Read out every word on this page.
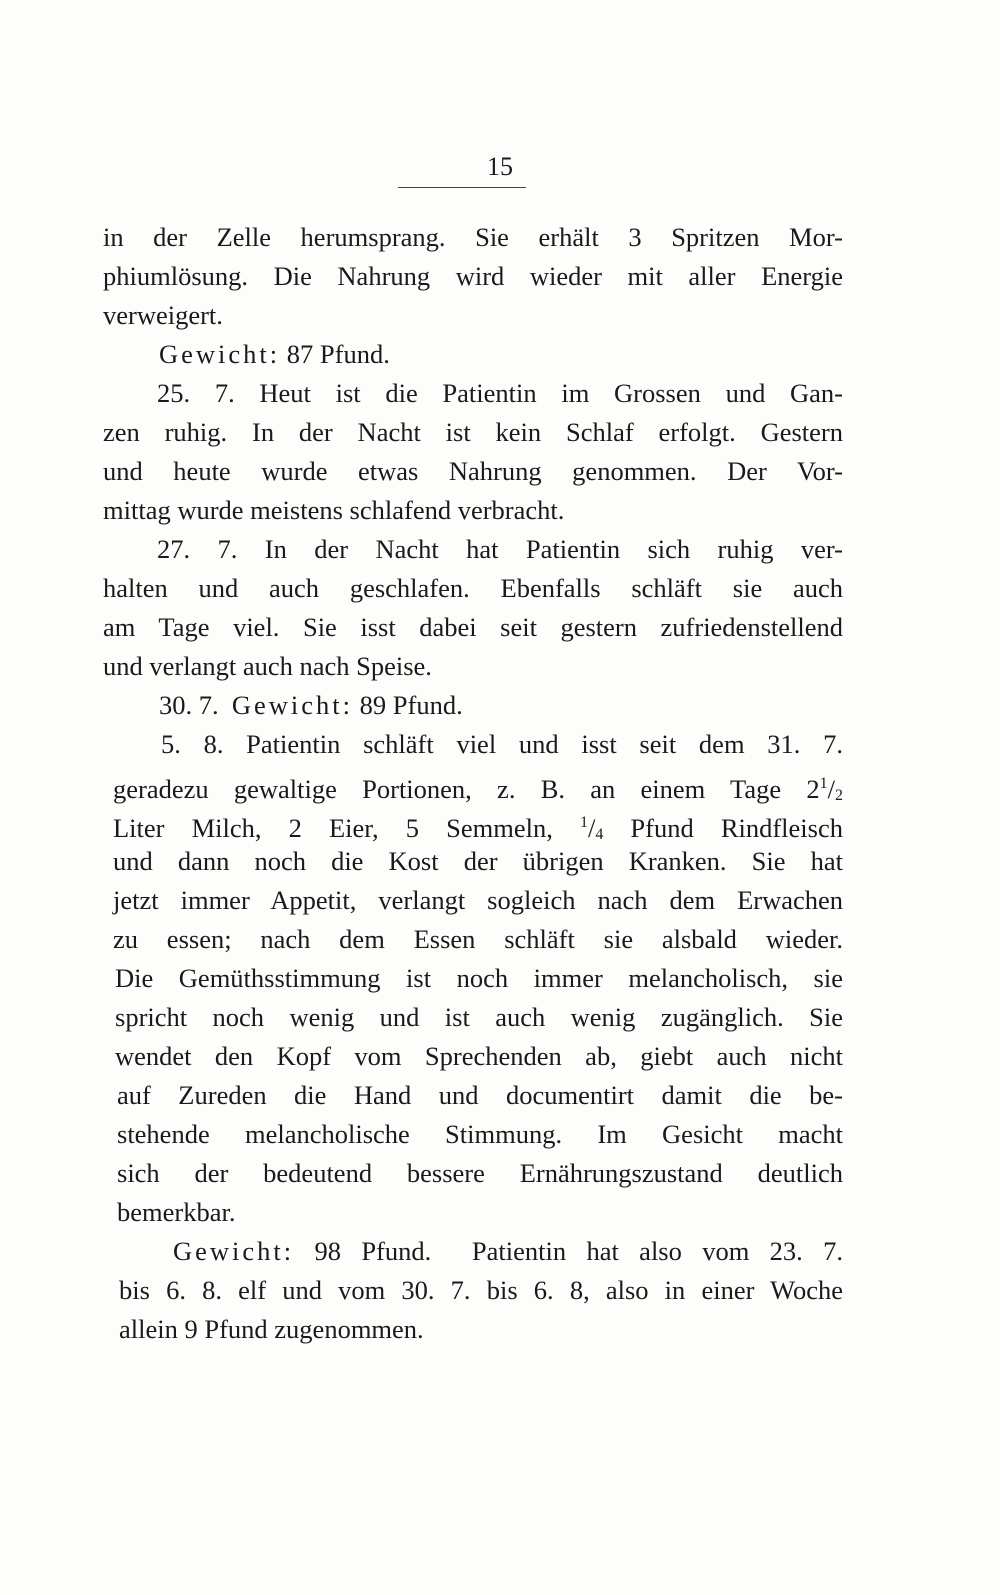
15
in der Zelle herumsprang. Sie erhält 3 Spritzen Mor-
phiumlösung. Die Nahrung wird wieder mit aller Energie
verweigert.
Gewicht: 87 Pfund.
25. 7. Heut ist die Patientin im Grossen und Gan-
zen ruhig. In der Nacht ist kein Schlaf erfolgt. Gestern
und heute wurde etwas Nahrung genommen. Der Vor-
mittag wurde meistens schlafend verbracht.
27. 7. In der Nacht hat Patientin sich ruhig ver-
halten und auch geschlafen. Ebenfalls schläft sie auch
am Tage viel. Sie isst dabei seit gestern zufriedenstellend
und verlangt auch nach Speise.
30. 7.  Gewicht: 89 Pfund.
5. 8. Patientin schläft viel und isst seit dem 31. 7.
geradezu gewaltige Portionen, z. B. an einem Tage $2^1/_2$
Liter Milch, 2 Eier, 5 Semmeln, $^1/_4$ Pfund Rindfleisch
und dann noch die Kost der übrigen Kranken. Sie hat
jetzt immer Appetit, verlangt sogleich nach dem Erwachen
zu essen; nach dem Essen schläft sie alsbald wieder.
Die Gemüthsstimmung ist noch immer melancholisch, sie
spricht noch wenig und ist auch wenig zugänglich. Sie
wendet den Kopf vom Sprechenden ab, giebt auch nicht
auf Zureden die Hand und documentirt damit die be-
stehende melancholische Stimmung. Im Gesicht macht
sich der bedeutend bessere Ernährungszustand deutlich
bemerkbar.
Gewicht: 98 Pfund.  Patientin hat also vom 23. 7.
bis 6. 8. elf und vom 30. 7. bis 6. 8, also in einer Woche
allein 9 Pfund zugenommen.
